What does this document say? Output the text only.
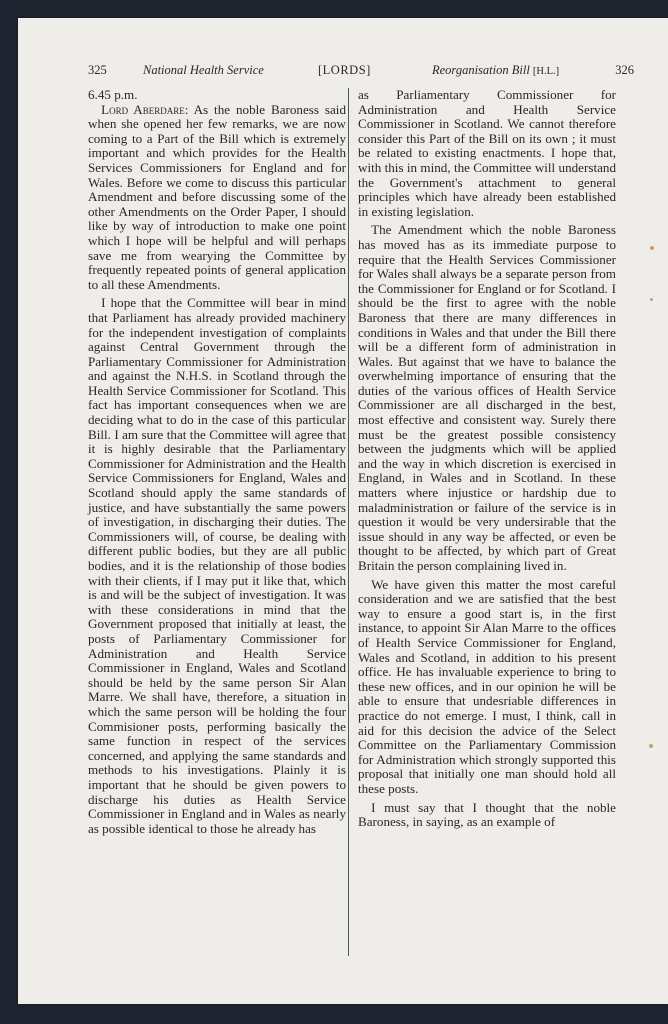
325	National Health Service	[LORDS]	Reorganisation Bill [H.L.]	326
6.45 p.m.

Lord Aberdare: As the noble Baroness said when she opened her few remarks, we are now coming to a Part of the Bill which is extremely important and which provides for the Health Services Commissioners for England and for Wales. Before we come to discuss this particular Amendment and before discussing some of the other Amendments on the Order Paper, I should like by way of introduction to make one point which I hope will be helpful and will perhaps save me from wearying the Committee by frequently repeated points of general application to all these Amendments.

I hope that the Committee will bear in mind that Parliament has already provided machinery for the independent investigation of complaints against Central Government through the Parliamentary Commissioner for Administration and against the N.H.S. in Scotland through the Health Service Commissioner for Scotland. This fact has important consequences when we are deciding what to do in the case of this particular Bill. I am sure that the Committee will agree that it is highly desirable that the Parliamentary Commissioner for Administration and the Health Service Commissioners for England, Wales and Scotland should apply the same standards of justice, and have substantially the same powers of investigation, in discharging their duties. The Commissioners will, of course, be dealing with different public bodies, but they are all public bodies, and it is the relationship of those bodies with their clients, if I may put it like that, which is and will be the subject of investigation. It was with these considerations in mind that the Government proposed that initially at least, the posts of Parliamentary Commissioner for Administration and Health Service Commissioner in England, Wales and Scotland should be held by the same person Sir Alan Marre. We shall have, therefore, a situation in which the same person will be holding the four Commisioner posts, performing basically the same function in respect of the services concerned, and applying the same standards and methods to his investigations. Plainly it is important that he should be given powers to discharge his duties as Health Service Commissioner in England and in Wales as nearly as possible identical to those he already has

as Parliamentary Commissioner for Administration and Health Service Commissioner in Scotland. We cannot therefore consider this Part of the Bill on its own ; it must be related to existing enactments. I hope that, with this in mind, the Committee will understand the Government's attachment to general principles which have already been established in existing legislation.

The Amendment which the noble Baroness has moved has as its immediate purpose to require that the Health Services Commissioner for Wales shall always be a separate person from the Commissioner for England or for Scotland. I should be the first to agree with the noble Baroness that there are many differences in conditions in Wales and that under the Bill there will be a different form of administration in Wales. But against that we have to balance the overwhelming importance of ensuring that the duties of the various offices of Health Service Commissioner are all discharged in the best, most effective and consistent way. Surely there must be the greatest possible consistency between the judgments which will be applied and the way in which discretion is exercised in England, in Wales and in Scotland. In these matters where injustice or hardship due to maladministration or failure of the service is in question it would be very undersirable that the issue should in any way be affected, or even be thought to be affected, by which part of Great Britain the person complaining lived in.

We have given this matter the most careful consideration and we are satisfied that the best way to ensure a good start is, in the first instance, to appoint Sir Alan Marre to the offices of Health Service Commissioner for England, Wales and Scotland, in addition to his present office. He has invaluable experience to bring to these new offices, and in our opinion he will be able to ensure that undesriable differences in practice do not emerge. I must, I think, call in aid for this decision the advice of the Select Committee on the Parliamentary Commission for Administration which strongly supported this proposal that initially one man should hold all these posts.

I must say that I thought that the noble Baroness, in saying, as an example of
